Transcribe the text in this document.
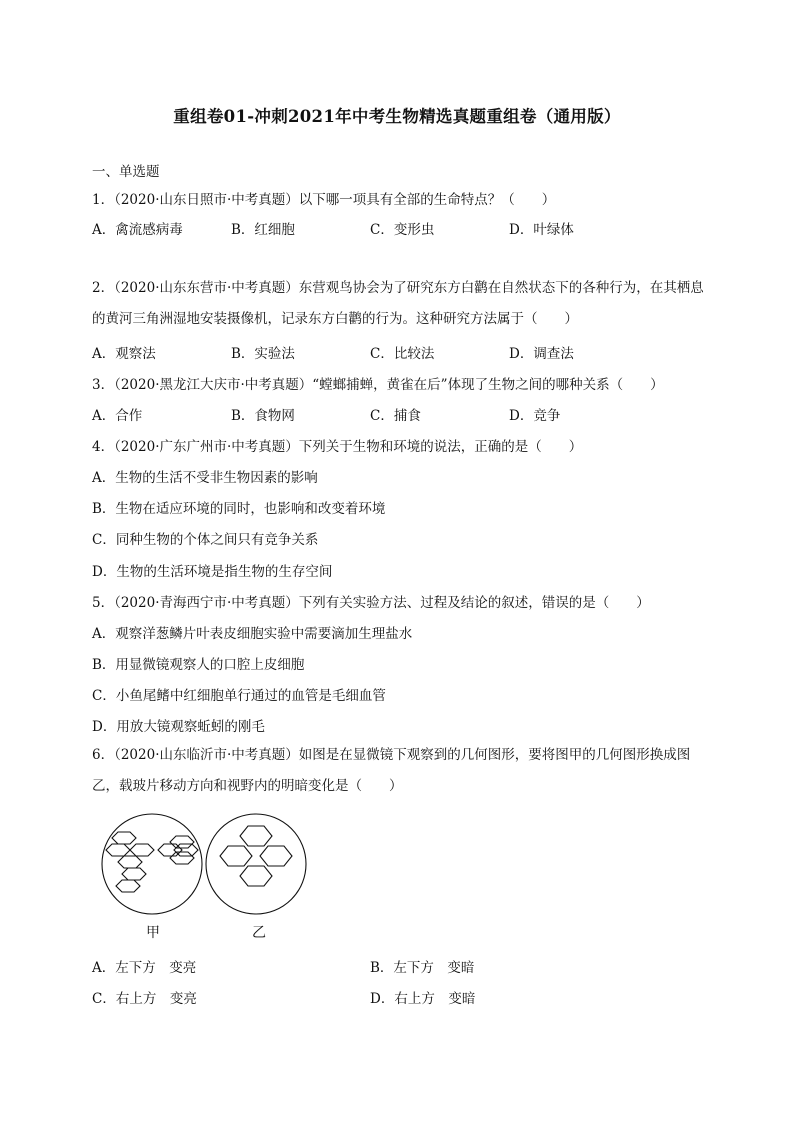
重组卷01-冲刺2021年中考生物精选真题重组卷（通用版）
一、单选题
1．（2020·山东日照市·中考真题）以下哪一项具有全部的生命特点？（　　）
A．禽流感病毒	B．红细胞	C．变形虫	D．叶绿体
2．（2020·山东东营市·中考真题）东营观鸟协会为了研究东方白鹳在自然状态下的各种行为，在其栖息的黄河三角洲湿地安装摄像机，记录东方白鹳的行为。这种研究方法属于（　　）
A．观察法	B．实验法	C．比较法	D．调查法
3．（2020·黑龙江大庆市·中考真题）“螳螂捕蝉，黄雀在后”体现了生物之间的哪种关系（　　）
A．合作	B．食物网	C．捕食	D．竞争
4．（2020·广东广州市·中考真题）下列关于生物和环境的说法，正确的是（　　）
A．生物的生活不受非生物因素的影响
B．生物在适应环境的同时，也影响和改变着环境
C．同种生物的个体之间只有竞争关系
D．生物的生活环境是指生物的生存空间
5．（2020·青海西宁市·中考真题）下列有关实验方法、过程及结论的叙述，错误的是（　　）
A．观察洋葱鳞片叶表皮细胞实验中需要滴加生理盐水
B．用显微镜观察人的口腔上皮细胞
C．小鱼尾鳍中红细胞单行通过的血管是毛细血管
D．用放大镜观察蚯蚓的刚毛
6．（2020·山东临沂市·中考真题）如图是在显微镜下观察到的几何图形，要将图甲的几何图形换成图乙，载玻片移动方向和视野内的明暗变化是（　　）
甲	乙
A．左下方　变亮	B．左下方　变暗
C．右上方　变亮	D．右上方　变暗
